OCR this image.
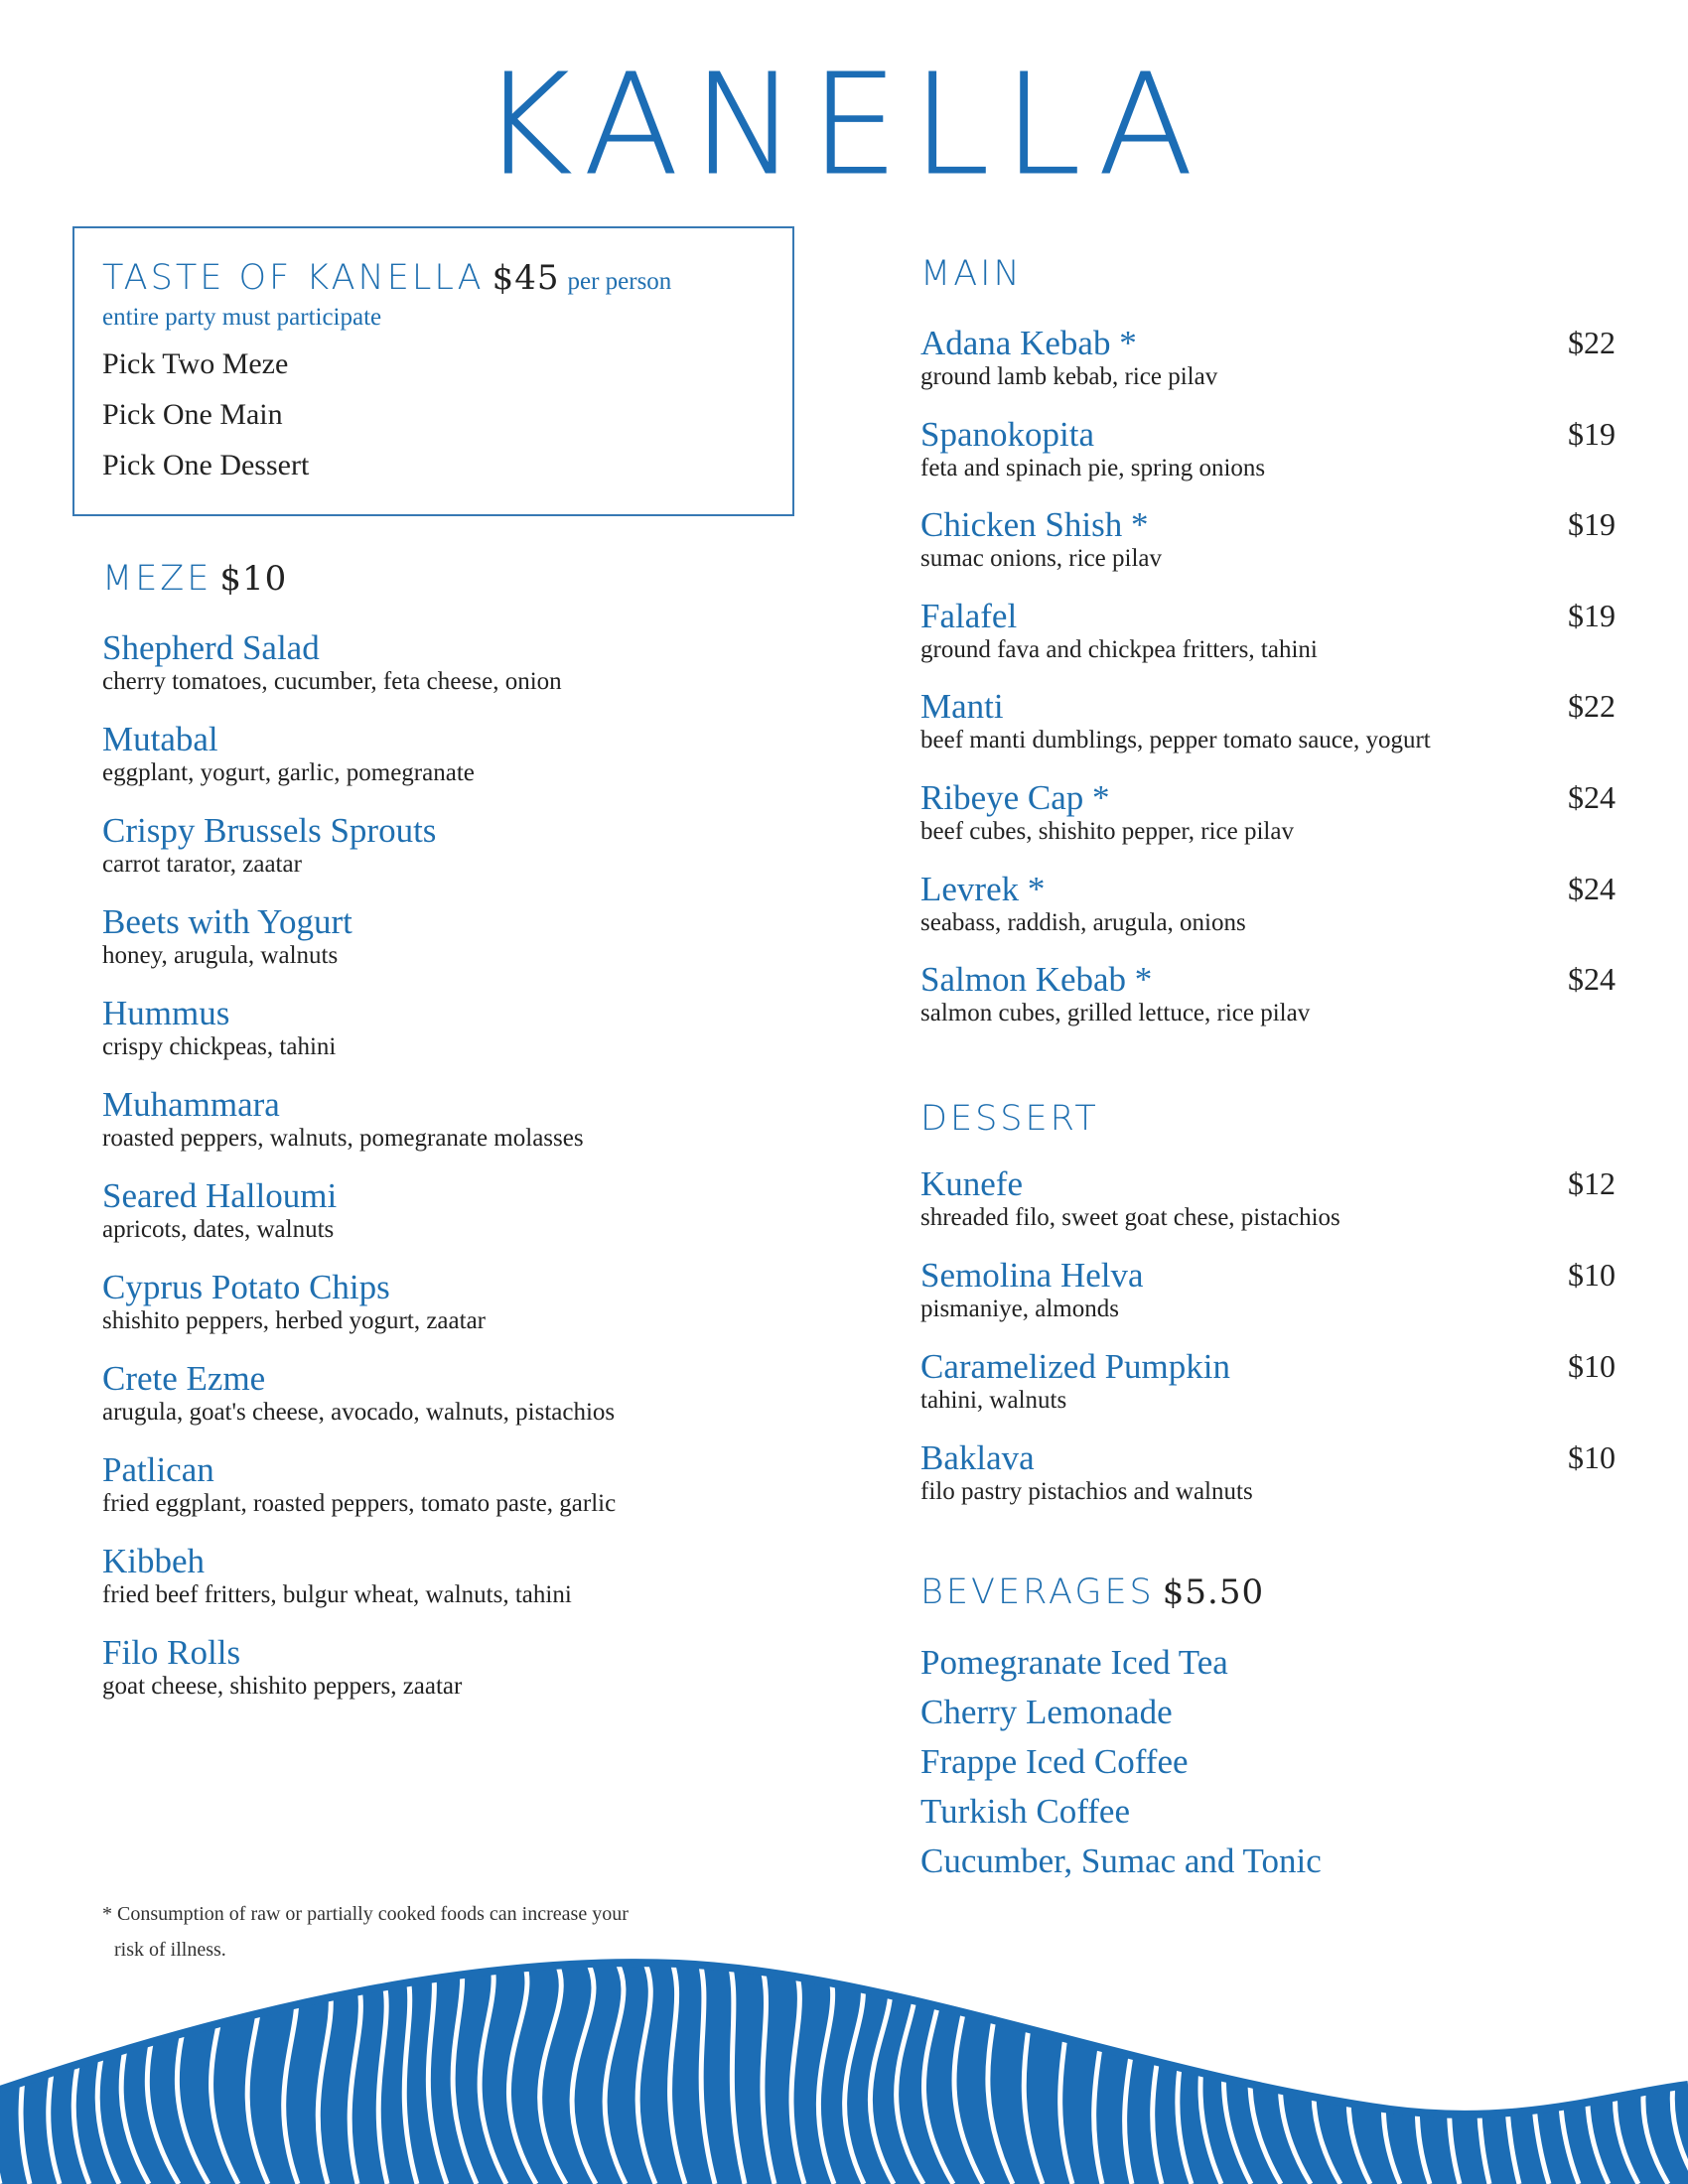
KANELLA
TASTE OF KANELLA $45 per person
entire party must participate
Pick Two Meze
Pick One Main
Pick One Dessert
MEZE $10
Shepherd Salad
cherry tomatoes, cucumber, feta cheese, onion
Mutabal
eggplant, yogurt, garlic, pomegranate
Crispy Brussels Sprouts
carrot tarator, zaatar
Beets with Yogurt
honey, arugula, walnuts
Hummus
crispy chickpeas, tahini
Muhammara
roasted peppers, walnuts, pomegranate molasses
Seared Halloumi
apricots, dates, walnuts
Cyprus Potato Chips
shishito peppers, herbed yogurt, zaatar
Crete Ezme
arugula, goat's cheese, avocado, walnuts, pistachios
Patlican
fried eggplant, roasted peppers, tomato paste, garlic
Kibbeh
fried beef fritters, bulgur wheat, walnuts, tahini
Filo Rolls
goat cheese, shishito peppers, zaatar
MAIN
Adana Kebab *
ground lamb kebab, rice pilav
$22
Spanokopita
feta and spinach pie, spring onions
$19
Chicken Shish *
sumac onions, rice pilav
$19
Falafel
ground fava and chickpea fritters, tahini
$19
Manti
beef manti dumblings, pepper tomato sauce, yogurt
$22
Ribeye Cap *
beef cubes, shishito pepper, rice pilav
$24
Levrek *
seabass, raddish, arugula, onions
$24
Salmon Kebab *
salmon cubes, grilled lettuce, rice pilav
$24
DESSERT
Kunefe
shreaded filo, sweet goat chese, pistachios
$12
Semolina Helva
pismaniye, almonds
$10
Caramelized Pumpkin
tahini, walnuts
$10
Baklava
filo pastry pistachios and walnuts
$10
BEVERAGES $5.50
Pomegranate Iced Tea
Cherry Lemonade
Frappe Iced Coffee
Turkish Coffee
Cucumber, Sumac and Tonic
* Consumption of raw or partially cooked foods can increase your
risk of illness.
